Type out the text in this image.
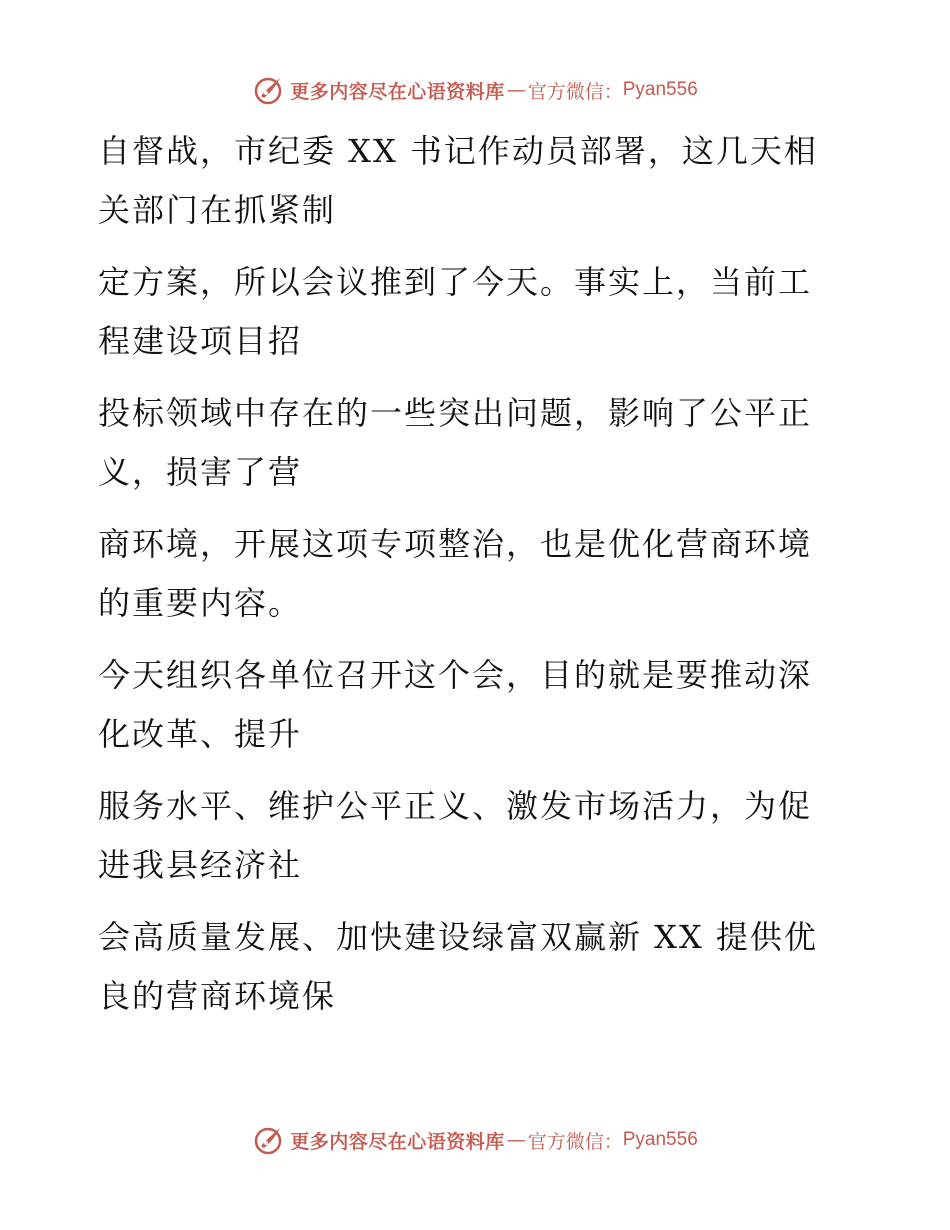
更多内容尽在心语资料库 — 官方微信： Pyan556

自督战，市纪委 XX 书记作动员部署，这几天相
关部门在抓紧制

定方案，所以会议推到了今天。事实上，当前工
程建设项目招

投标领域中存在的一些突出问题，影响了公平正
义，损害了营

商环境，开展这项专项整治，也是优化营商环境
的重要内容。

今天组织各单位召开这个会，目的就是要推动深
化改革、提升

服务水平、维护公平正义、激发市场活力，为促
进我县经济社

会高质量发展、加快建设绿富双赢新 XX 提供优
良的营商环境保

更多内容尽在心语资料库 — 官方微信： Pyan556
